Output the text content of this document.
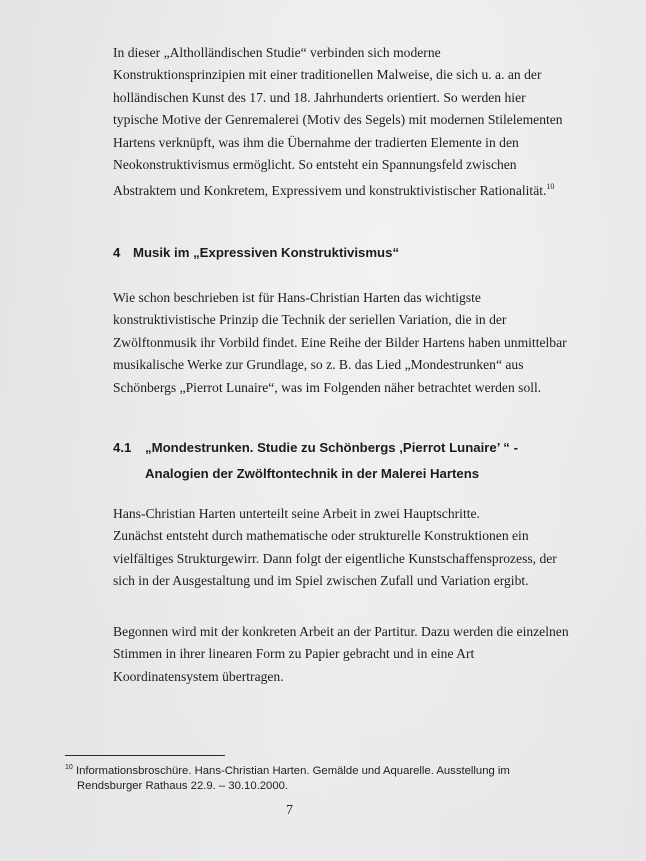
In dieser „Altholländischen Studie“ verbinden sich moderne
Konstruktionsprinzipien mit einer traditionellen Malweise, die sich u. a. an der
holländischen Kunst des 17. und 18. Jahrhunderts orientiert. So werden hier
typische Motive der Genremalerei (Motiv des Segels) mit modernen Stilelementen
Hartens verknüpft, was ihm die Übernahme der tradierten Elemente in den
Neokonstruktivismus ermöglicht. So entsteht ein Spannungsfeld zwischen
Abstraktem und Konkretem, Expressivem und konstruktivistischer Rationalität.$^{10}$

4 Musik im „Expressiven Konstruktivismus“

Wie schon beschrieben ist für Hans-Christian Harten das wichtigste
konstruktivistische Prinzip die Technik der seriellen Variation, die in der
Zwölftonmusik ihr Vorbild findet. Eine Reihe der Bilder Hartens haben unmittelbar
musikalische Werke zur Grundlage, so z. B. das Lied „Mondestrunken“ aus
Schönbergs „Pierrot Lunaire“, was im Folgenden näher betrachtet werden soll.

4.1 „Mondestrunken. Studie zu Schönbergs ‚Pierrot Lunaire’ “ -
Analogien der Zwölftontechnik in der Malerei Hartens

Hans-Christian Harten unterteilt seine Arbeit in zwei Hauptschritte.
Zunächst entsteht durch mathematische oder strukturelle Konstruktionen ein
vielfältiges Strukturgewirr. Dann folgt der eigentliche Kunstschaffensprozess, der
sich in der Ausgestaltung und im Spiel zwischen Zufall und Variation ergibt.

Begonnen wird mit der konkreten Arbeit an der Partitur. Dazu werden die einzelnen
Stimmen in ihrer linearen Form zu Papier gebracht und in eine Art
Koordinatensystem übertragen.

$^{10}$ Informationsbroschüre. Hans-Christian Harten. Gemälde und Aquarelle. Ausstellung im
Rendsburger Rathaus 22.9. – 30.10.2000.

7
